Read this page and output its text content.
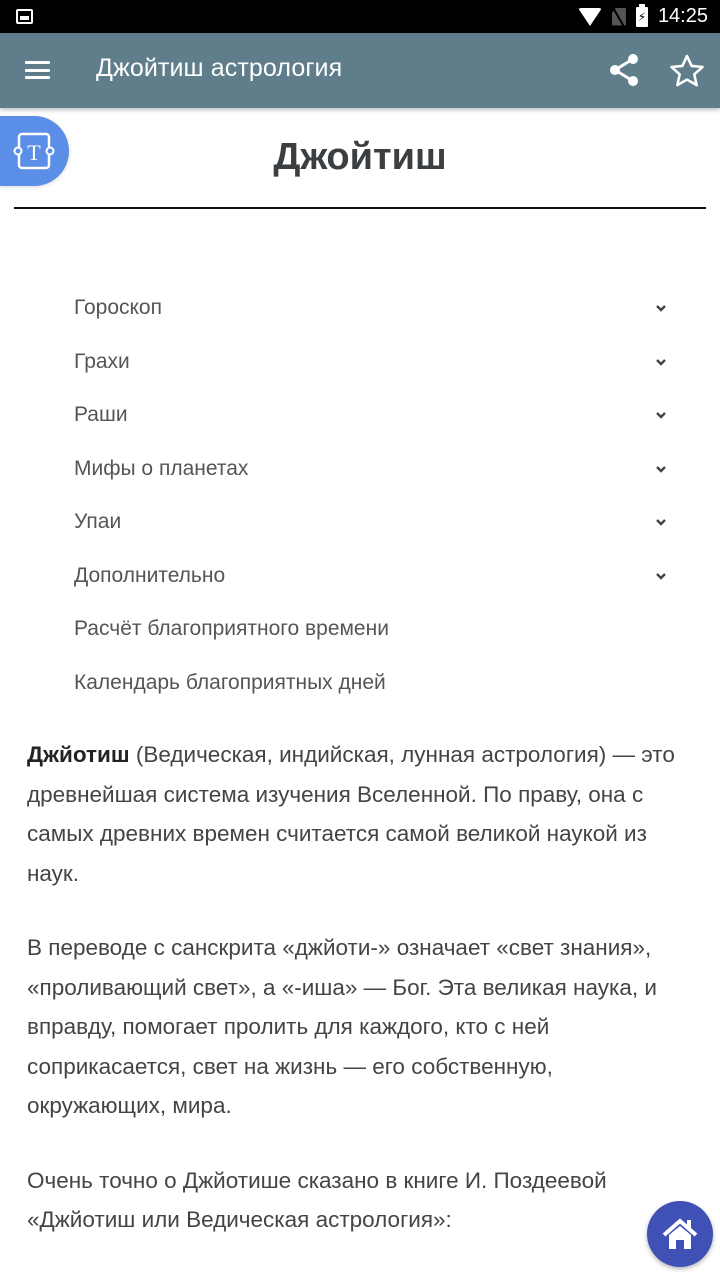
⚡
14:25
Джойтиш астрология
T	Джойтиш
Гороскоп
Грахи
Раши
Мифы о планетах
Упаи
Дополнительно
Расчёт благоприятного времени
Календарь благоприятных дней

Джйотиш (Ведическая, индийская, лунная астрология) — это древнейшая система изучения Вселенной. По праву, она с самых древних времен считается самой великой наукой из наук.

В переводе с санскрита «джйоти-» означает «свет знания», «проливающий свет», а «-иша» — Бог. Эта великая наука, и вправду, помогает пролить для каждого, кто с ней соприкасается, свет на жизнь — его собственную, окружающих, мира.

Очень точно о Джйотише сказано в книге И. Поздеевой «Джйотиш или Ведическая астрология»:
